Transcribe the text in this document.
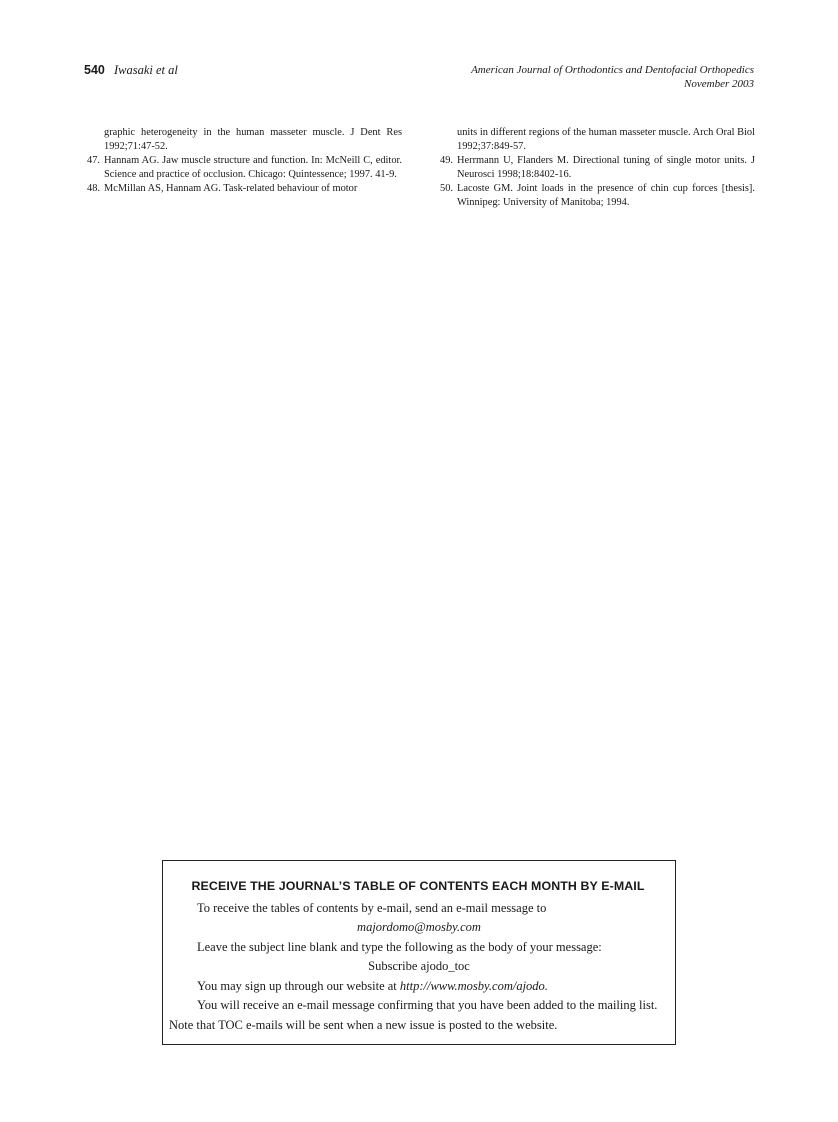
540 Iwasaki et al	American Journal of Orthodontics and Dentofacial Orthopedics
November 2003
graphic heterogeneity in the human masseter muscle. J Dent Res 1992;71:47-52.
47. Hannam AG. Jaw muscle structure and function. In: McNeill C, editor. Science and practice of occlusion. Chicago: Quintessence; 1997. 41-9.
48. McMillan AS, Hannam AG. Task-related behaviour of motor
units in different regions of the human masseter muscle. Arch Oral Biol 1992;37:849-57.
49. Herrmann U, Flanders M. Directional tuning of single motor units. J Neurosci 1998;18:8402-16.
50. Lacoste GM. Joint loads in the presence of chin cup forces [thesis]. Winnipeg: University of Manitoba; 1994.
RECEIVE THE JOURNAL’S TABLE OF CONTENTS EACH MONTH BY E-MAIL
To receive the tables of contents by e-mail, send an e-mail message to
majordomo@mosby.com
Leave the subject line blank and type the following as the body of your message:
Subscribe ajodo_toc
You may sign up through our website at http://www.mosby.com/ajodo.
You will receive an e-mail message confirming that you have been added to the mailing list. Note that TOC e-mails will be sent when a new issue is posted to the website.
